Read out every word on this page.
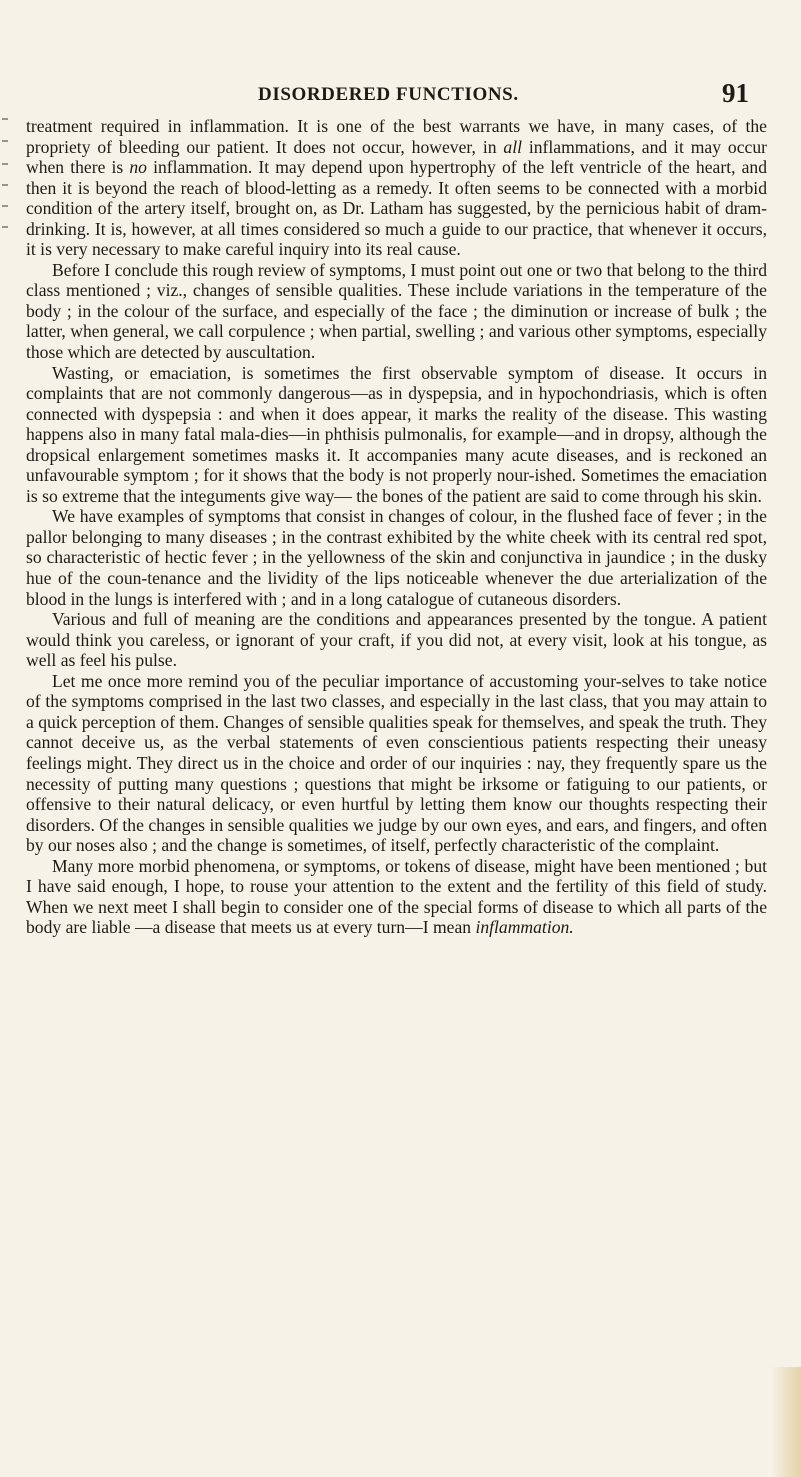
DISORDERED FUNCTIONS.	91

treatment required in inflammation. It is one of the best warrants we have, in many cases, of the propriety of bleeding our patient. It does not occur, however, in all inflammations, and it may occur when there is no inflammation. It may depend upon hypertrophy of the left ventricle of the heart, and then it is beyond the reach of blood-letting as a remedy. It often seems to be connected with a morbid condition of the artery itself, brought on, as Dr. Latham has suggested, by the pernicious habit of dram-drinking. It is, however, at all times considered so much a guide to our practice, that whenever it occurs, it is very necessary to make careful inquiry into its real cause.

Before I conclude this rough review of symptoms, I must point out one or two that belong to the third class mentioned ; viz., changes of sensible qualities. These include variations in the temperature of the body ; in the colour of the surface, and especially of the face ; the diminution or increase of bulk ; the latter, when general, we call corpulence ; when partial, swelling ; and various other symptoms, especially those which are detected by auscultation.

Wasting, or emaciation, is sometimes the first observable symptom of disease. It occurs in complaints that are not commonly dangerous—as in dyspepsia, and in hypochondriasis, which is often connected with dyspepsia : and when it does appear, it marks the reality of the disease. This wasting happens also in many fatal mala-dies—in phthisis pulmonalis, for example—and in dropsy, although the dropsical enlargement sometimes masks it. It accompanies many acute diseases, and is reckoned an unfavourable symptom ; for it shows that the body is not properly nour-ished. Sometimes the emaciation is so extreme that the integuments give way— the bones of the patient are said to come through his skin.

We have examples of symptoms that consist in changes of colour, in the flushed face of fever ; in the pallor belonging to many diseases ; in the contrast exhibited by the white cheek with its central red spot, so characteristic of hectic fever ; in the yellowness of the skin and conjunctiva in jaundice ; in the dusky hue of the coun-tenance and the lividity of the lips noticeable whenever the due arterialization of the blood in the lungs is interfered with ; and in a long catalogue of cutaneous disorders.

Various and full of meaning are the conditions and appearances presented by the tongue. A patient would think you careless, or ignorant of your craft, if you did not, at every visit, look at his tongue, as well as feel his pulse.

Let me once more remind you of the peculiar importance of accustoming your-selves to take notice of the symptoms comprised in the last two classes, and especially in the last class, that you may attain to a quick perception of them. Changes of sensible qualities speak for themselves, and speak the truth. They cannot deceive us, as the verbal statements of even conscientious patients respecting their uneasy feelings might. They direct us in the choice and order of our inquiries : nay, they frequently spare us the necessity of putting many questions ; questions that might be irksome or fatiguing to our patients, or offensive to their natural delicacy, or even hurtful by letting them know our thoughts respecting their disorders. Of the changes in sensible qualities we judge by our own eyes, and ears, and fingers, and often by our noses also ; and the change is sometimes, of itself, perfectly characteristic of the complaint.

Many more morbid phenomena, or symptoms, or tokens of disease, might have been mentioned ; but I have said enough, I hope, to rouse your attention to the extent and the fertility of this field of study. When we next meet I shall begin to consider one of the special forms of disease to which all parts of the body are liable —a disease that meets us at every turn—I mean inflammation.
